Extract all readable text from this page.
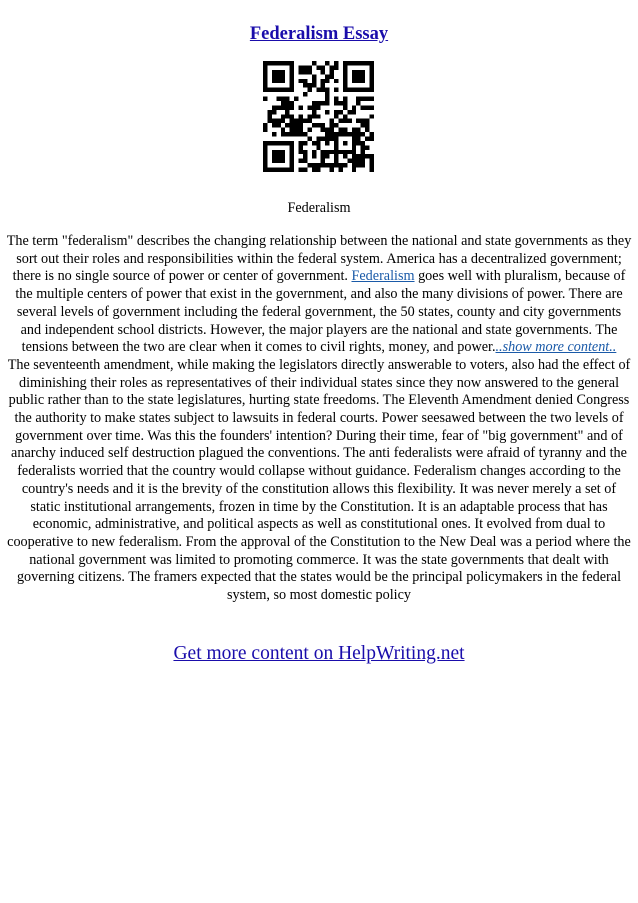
Federalism Essay
Federalism

The term "federalism" describes the changing relationship between the national and state governments as they sort out their roles and responsibilities within the federal system. America has a decentralized government; there is no single source of power or center of government. Federalism goes well with pluralism, because of the multiple centers of power that exist in the government, and also the many divisions of power. There are several levels of government including the federal government, the 50 states, county and city governments and independent school districts. However, the major players are the national and state governments. The tensions between the two are clear when it comes to civil rights, money, and power...show more content..

The seventeenth amendment, while making the legislators directly answerable to voters, also had the effect of diminishing their roles as representatives of their individual states since they now answered to the general public rather than to the state legislatures, hurting state freedoms. The Eleventh Amendment denied Congress the authority to make states subject to lawsuits in federal courts. Power seesawed between the two levels of government over time. Was this the founders' intention? During their time, fear of "big government" and of anarchy induced self destruction plagued the conventions. The anti federalists were afraid of tyranny and the federalists worried that the country would collapse without guidance. Federalism changes according to the country's needs and it is the brevity of the constitution allows this flexibility. It was never merely a set of static institutional arrangements, frozen in time by the Constitution. It is an adaptable process that has economic, administrative, and political aspects as well as constitutional ones. It evolved from dual to cooperative to new federalism. From the approval of the Constitution to the New Deal was a period where the national government was limited to promoting commerce. It was the state governments that dealt with governing citizens. The framers expected that the states would be the principal policymakers in the federal system, so most domestic policy

Get more content on HelpWriting.net
